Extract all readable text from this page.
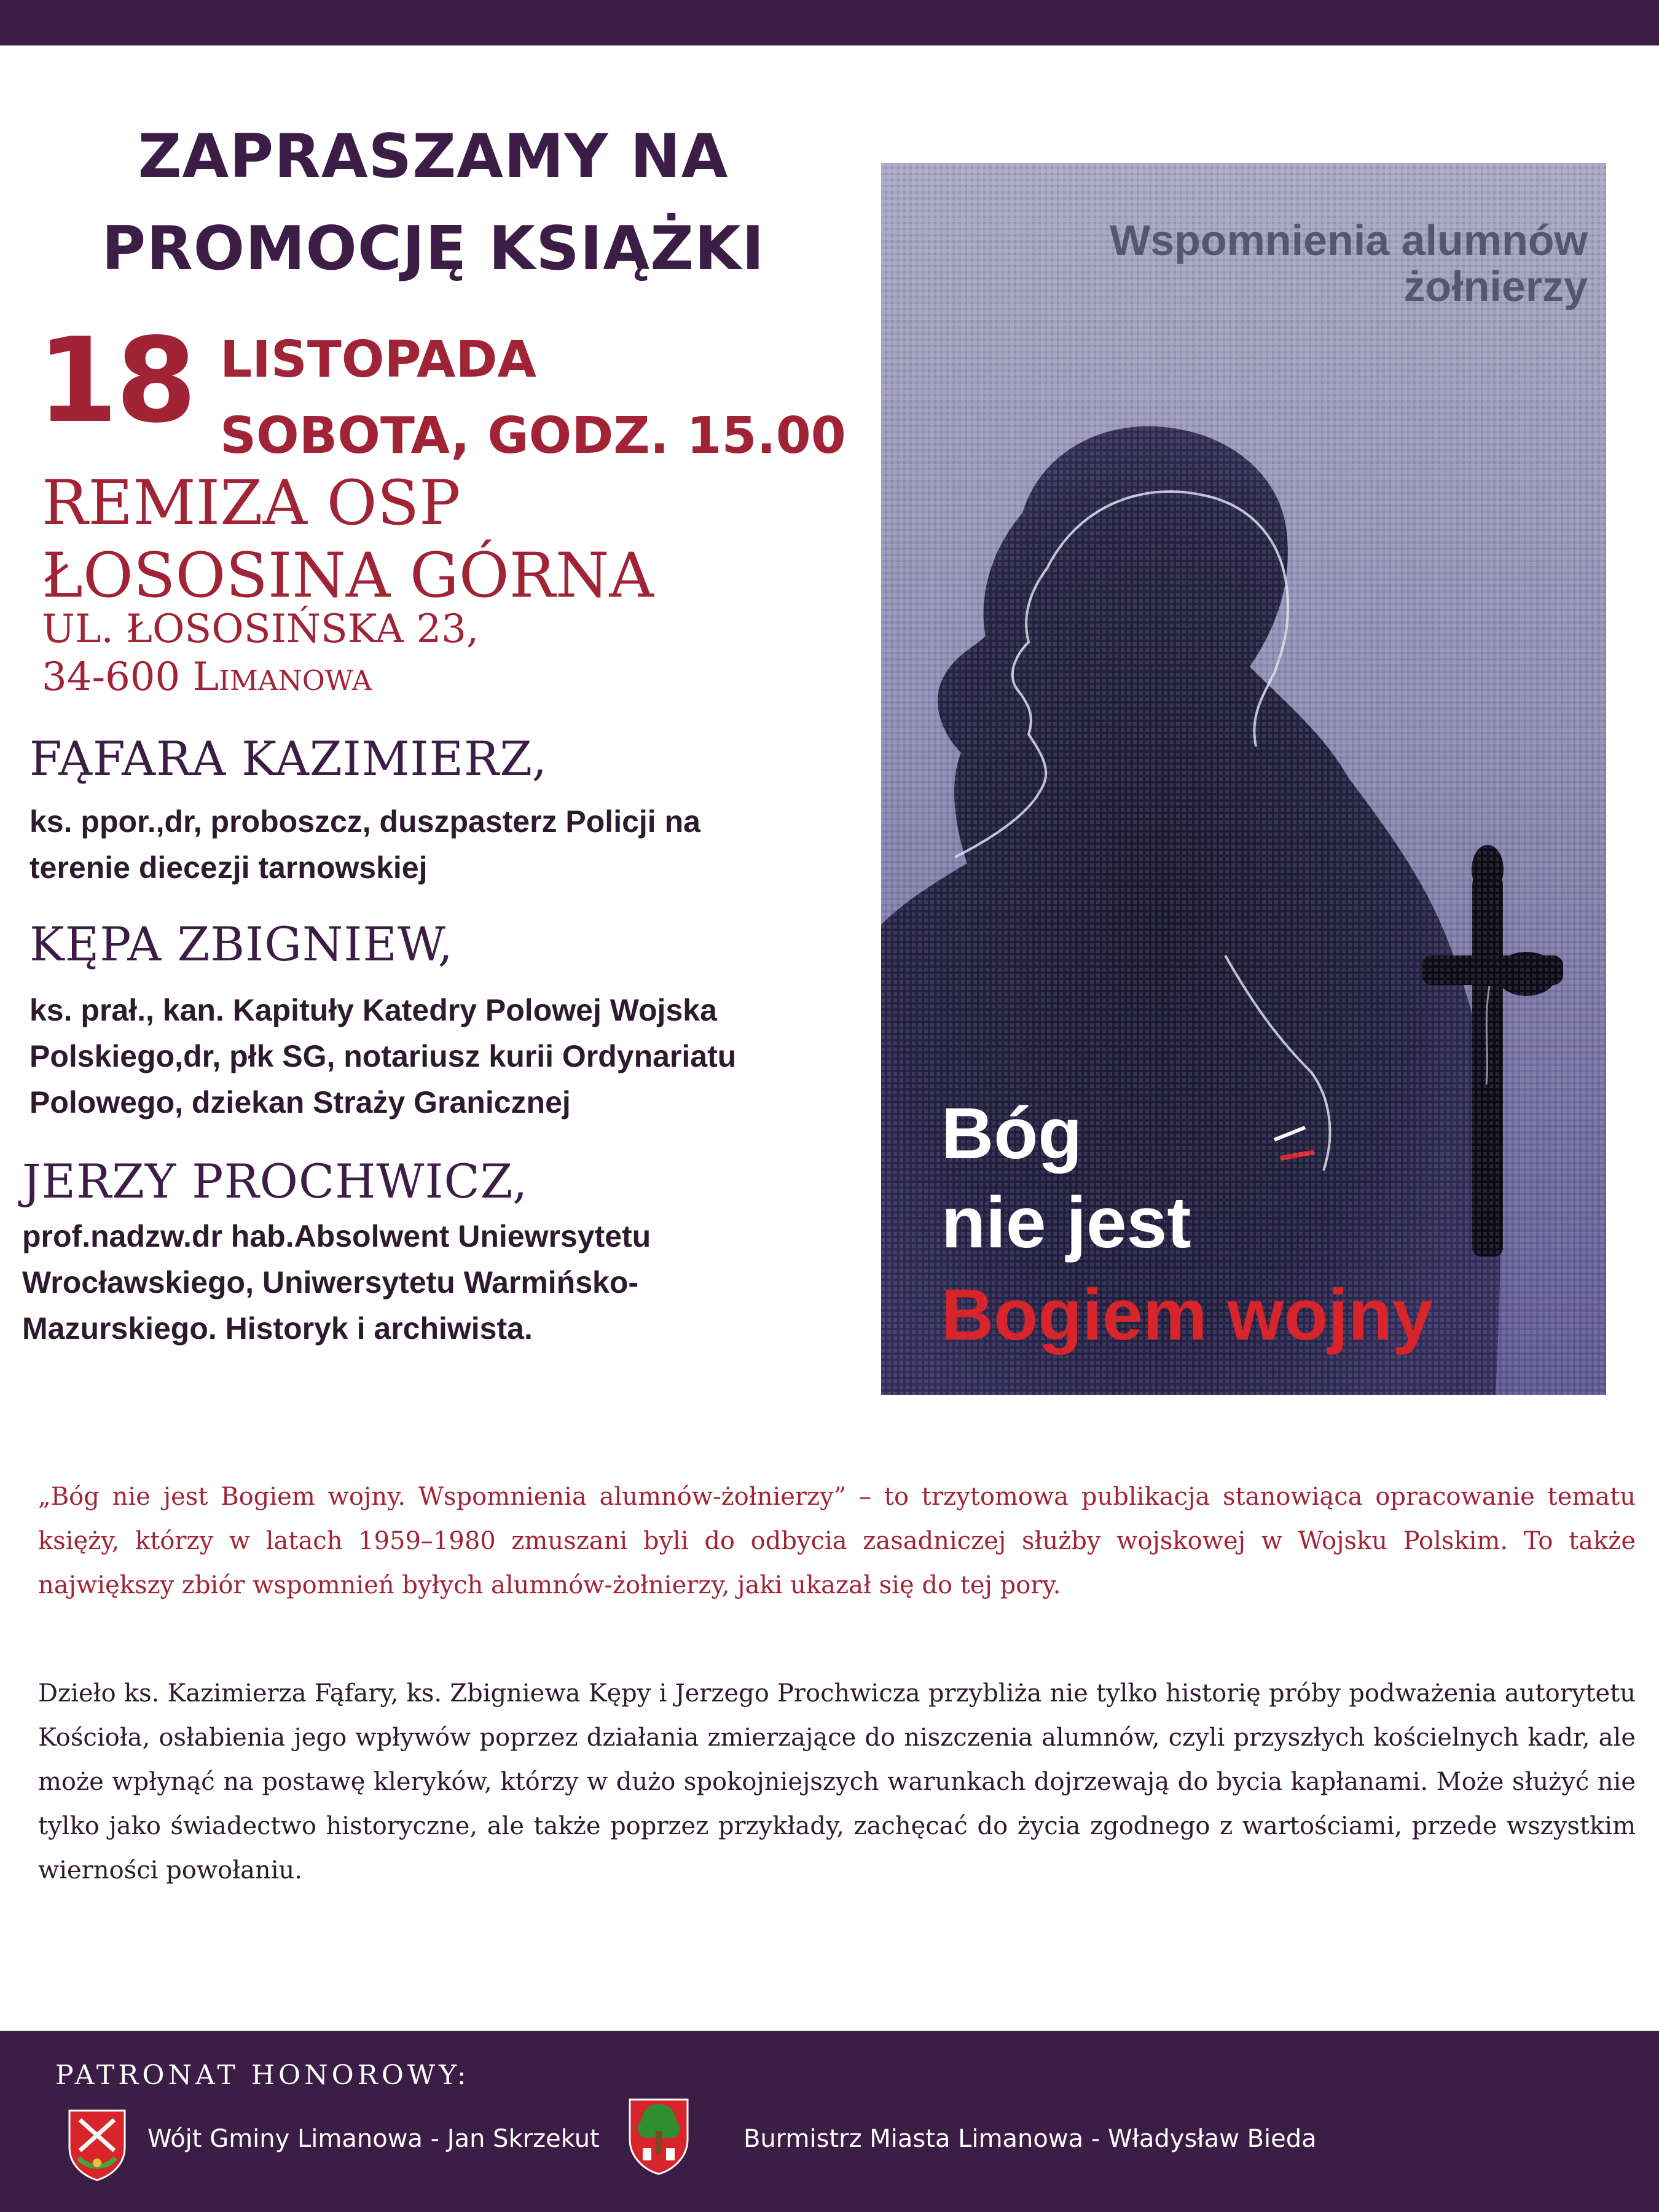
ZAPRASZAMY NA
PROMOCJĘ KSIĄŻKI
18 LISTOPADA
SOBOTA, GODZ. 15.00
REMIZA OSP
ŁOSOSINA GÓRNA
UL. ŁOSOSIŃSKA 23,
34-600 Limanowa
FĄFARA KAZIMIERZ,
ks. ppor.,dr, proboszcz, duszpasterz Policji na
terenie diecezji tarnowskiej
KĘPA ZBIGNIEW,
ks. prał., kan. Kapituły Katedry Polowej Wojska
Polskiego,dr, płk SG, notariusz kurii Ordynariatu
Polowego, dziekan Straży Granicznej
JERZY PROCHWICZ,
prof.nadzw.dr hab.Absolwent Uniewrsytetu
Wrocławskiego, Uniwersytetu Warmińsko-
Mazurskiego. Historyk i archiwista.
Wspomnienia alumnów
żołnierzy
Bóg
nie jest
Bogiem wojny
„Bóg nie jest Bogiem wojny. Wspomnienia alumnów-żołnierzy” – to trzytomowa publikacja stanowiąca opracowanie tematu księży, którzy w latach 1959–1980 zmuszani byli do odbycia zasadniczej służby wojskowej w Wojsku Polskim. To także największy zbiór wspomnień byłych alumnów-żołnierzy, jaki ukazał się do tej pory.
Dzieło ks. Kazimierza Fąfary, ks. Zbigniewa Kępy i Jerzego Prochwicza przybliża nie tylko historię próby podważenia autorytetu Kościoła, osłabienia jego wpływów poprzez działania zmierzające do niszczenia alumnów, czyli przyszłych kościelnych kadr, ale może wpłynąć na postawę kleryków, którzy w dużo spokojniejszych warunkach dojrzewają do bycia kapłanami. Może służyć nie tylko jako świadectwo historyczne, ale także poprzez przykłady, zachęcać do życia zgodnego z wartościami, przede wszystkim wierności powołaniu.
PATRONAT HONOROWY:
Wójt Gminy Limanowa - Jan Skrzekut	Burmistrz Miasta Limanowa - Władysław Bieda
